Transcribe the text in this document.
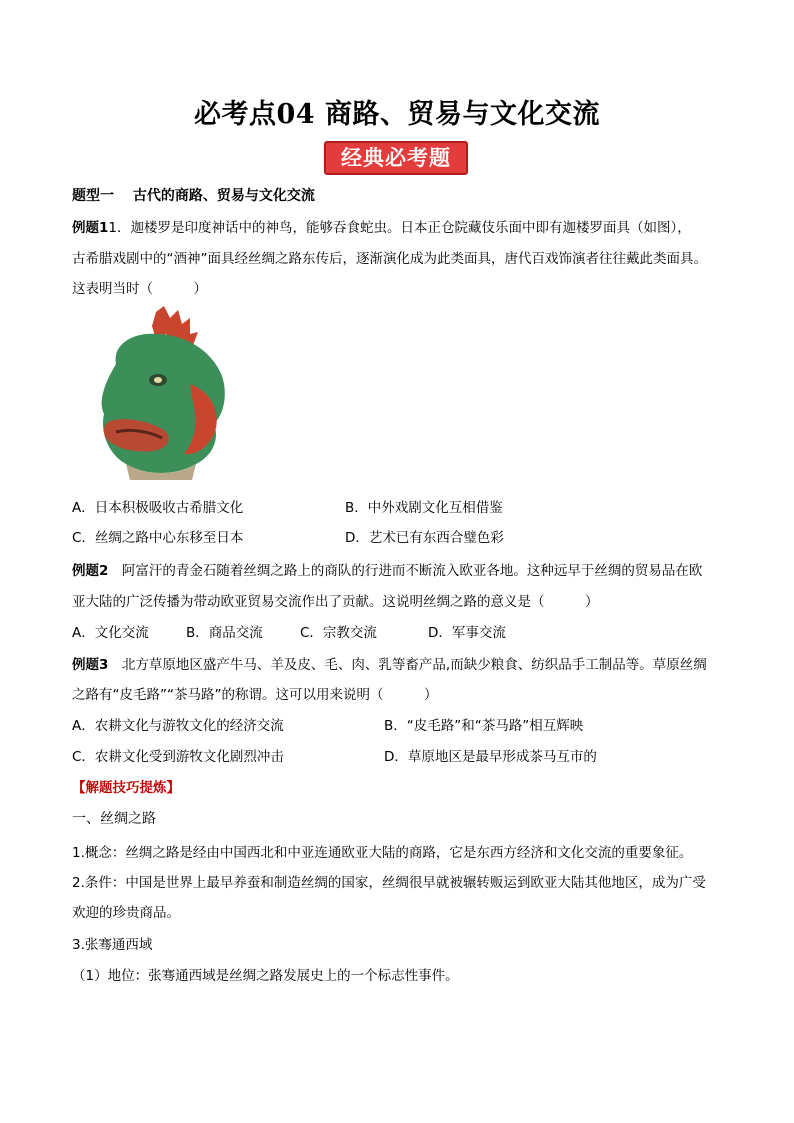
必考点04 商路、贸易与文化交流
经典必考题
题型一　 古代的商路、贸易与文化交流
例题11．迦楼罗是印度神话中的神鸟，能够吞食蛇虫。日本正仓院藏伎乐面中即有迦楼罗面具（如图），
古希腊戏剧中的“酒神”面具经丝绸之路东传后，逐渐演化成为此类面具，唐代百戏饰演者往往戴此类面具。
这表明当时（　　　）
A．日本积极吸收古希腊文化	B．中外戏剧文化互相借鉴
C．丝绸之路中心东移至日本	D．艺术已有东西合璧色彩
例题2　 阿富汗的青金石随着丝绸之路上的商队的行进而不断流入欧亚各地。这种远早于丝绸的贸易品在欧
亚大陆的广泛传播为带动欧亚贸易交流作出了贡献。这说明丝绸之路的意义是（　　　）
A．文化交流	B．商品交流	C．宗教交流	D．军事交流
例题3　 北方草原地区盛产牛马、羊及皮、毛、肉、乳等畜产品,而缺少粮食、纺织品手工制品等。草原丝绸
之路有“皮毛路”“茶马路”的称谓。这可以用来说明（　　　）
A．农耕文化与游牧文化的经济交流	B．“皮毛路”和“茶马路”相互辉映
C．农耕文化受到游牧文化剧烈冲击	D．草原地区是最早形成茶马互市的
【解题技巧提炼】
一、丝绸之路
1.概念：丝绸之路是经由中国西北和中亚连通欧亚大陆的商路，它是东西方经济和文化交流的重要象征。
2.条件：中国是世界上最早养蚕和制造丝绸的国家，丝绸很早就被辗转贩运到欧亚大陆其他地区，成为广受
欢迎的珍贵商品。
3.张骞通西域
（1）地位：张骞通西域是丝绸之路发展史上的一个标志性事件。
